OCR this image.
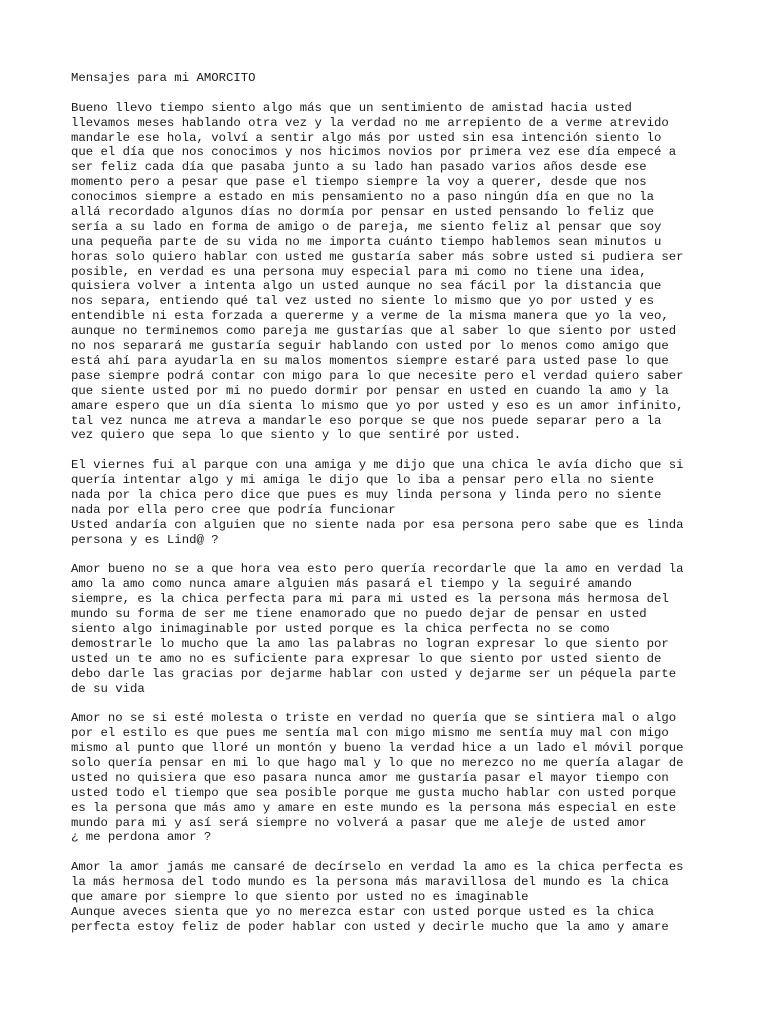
Mensajes para mi AMORCITO
Bueno llevo tiempo siento algo más que un sentimiento de amistad hacia usted
llevamos meses hablando otra vez y la verdad no me arrepiento de a verme atrevido
mandarle ese hola, volví a sentir algo más por usted sin esa intención siento lo
que el día que nos conocimos y nos hicimos novios por primera vez ese día empecé a
ser feliz cada día que pasaba junto a su lado han pasado varios años desde ese
momento pero a pesar que pase el tiempo siempre la voy a querer, desde que nos
conocimos siempre a estado en mis pensamiento no a paso ningún día en que no la
allá recordado algunos días no dormía por pensar en usted pensando lo feliz que
sería a su lado en forma de amigo o de pareja, me siento feliz al pensar que soy
una pequeña parte de su vida no me importa cuánto tiempo hablemos sean minutos u
horas solo quiero hablar con usted me gustaría saber más sobre usted si pudiera ser
posible, en verdad es una persona muy especial para mi como no tiene una idea,
quisiera volver a intenta algo un usted aunque no sea fácil por la distancia que
nos separa, entiendo qué tal vez usted no siente lo mismo que yo por usted y es
entendible ni esta forzada a quererme y a verme de la misma manera que yo la veo,
aunque no terminemos como pareja me gustarías que al saber lo que siento por usted
no nos separará me gustaría seguir hablando con usted por lo menos como amigo que
está ahí para ayudarla en su malos momentos siempre estaré para usted pase lo que
pase siempre podrá contar con migo para lo que necesite pero el verdad quiero saber
que siente usted por mi no puedo dormir por pensar en usted en cuando la amo y la
amare espero que un día sienta lo mismo que yo por usted y eso es un amor infinito,
tal vez nunca me atreva a mandarle eso porque se que nos puede separar pero a la
vez quiero que sepa lo que siento y lo que sentiré por usted.
El viernes fui al parque con una amiga y me dijo que una chica le avía dicho que si
quería intentar algo y mi amiga le dijo que lo iba a pensar pero ella no siente
nada por la chica pero dice que pues es muy linda persona y linda pero no siente
nada por ella pero cree que podría funcionar
Usted andaría con alguien que no siente nada por esa persona pero sabe que es linda
persona y es Lind@ ?
Amor bueno no se a que hora vea esto pero quería recordarle que la amo en verdad la
amo la amo como nunca amare alguien más pasará el tiempo y la seguiré amando
siempre, es la chica perfecta para mi para mi usted es la persona más hermosa del
mundo su forma de ser me tiene enamorado que no puedo dejar de pensar en usted
siento algo inimaginable por usted porque es la chica perfecta no se como
demostrarle lo mucho que la amo las palabras no logran expresar lo que siento por
usted un te amo no es suficiente para expresar lo que siento por usted siento de
debo darle las gracias por dejarme hablar con usted y dejarme ser un péquela parte
de su vida
Amor no se si esté molesta o triste en verdad no quería que se sintiera mal o algo
por el estilo es que pues me sentía mal con migo mismo me sentía muy mal con migo
mismo al punto que lloré un montón y bueno la verdad hice a un lado el móvil porque
solo quería pensar en mi lo que hago mal y lo que no merezco no me quería alagar de
usted no quisiera que eso pasara nunca amor me gustaría pasar el mayor tiempo con
usted todo el tiempo que sea posible porque me gusta mucho hablar con usted porque
es la persona que más amo y amare en este mundo es la persona más especial en este
mundo para mi y así será siempre no volverá a pasar que me aleje de usted amor
¿ me perdona amor ?
Amor la amor jamás me cansaré de decírselo en verdad la amo es la chica perfecta es
la más hermosa del todo mundo es la persona más maravillosa del mundo es la chica
que amare por siempre lo que siento por usted no es imaginable
Aunque aveces sienta que yo no merezca estar con usted porque usted es la chica
perfecta estoy feliz de poder hablar con usted y decirle mucho que la amo y amare
